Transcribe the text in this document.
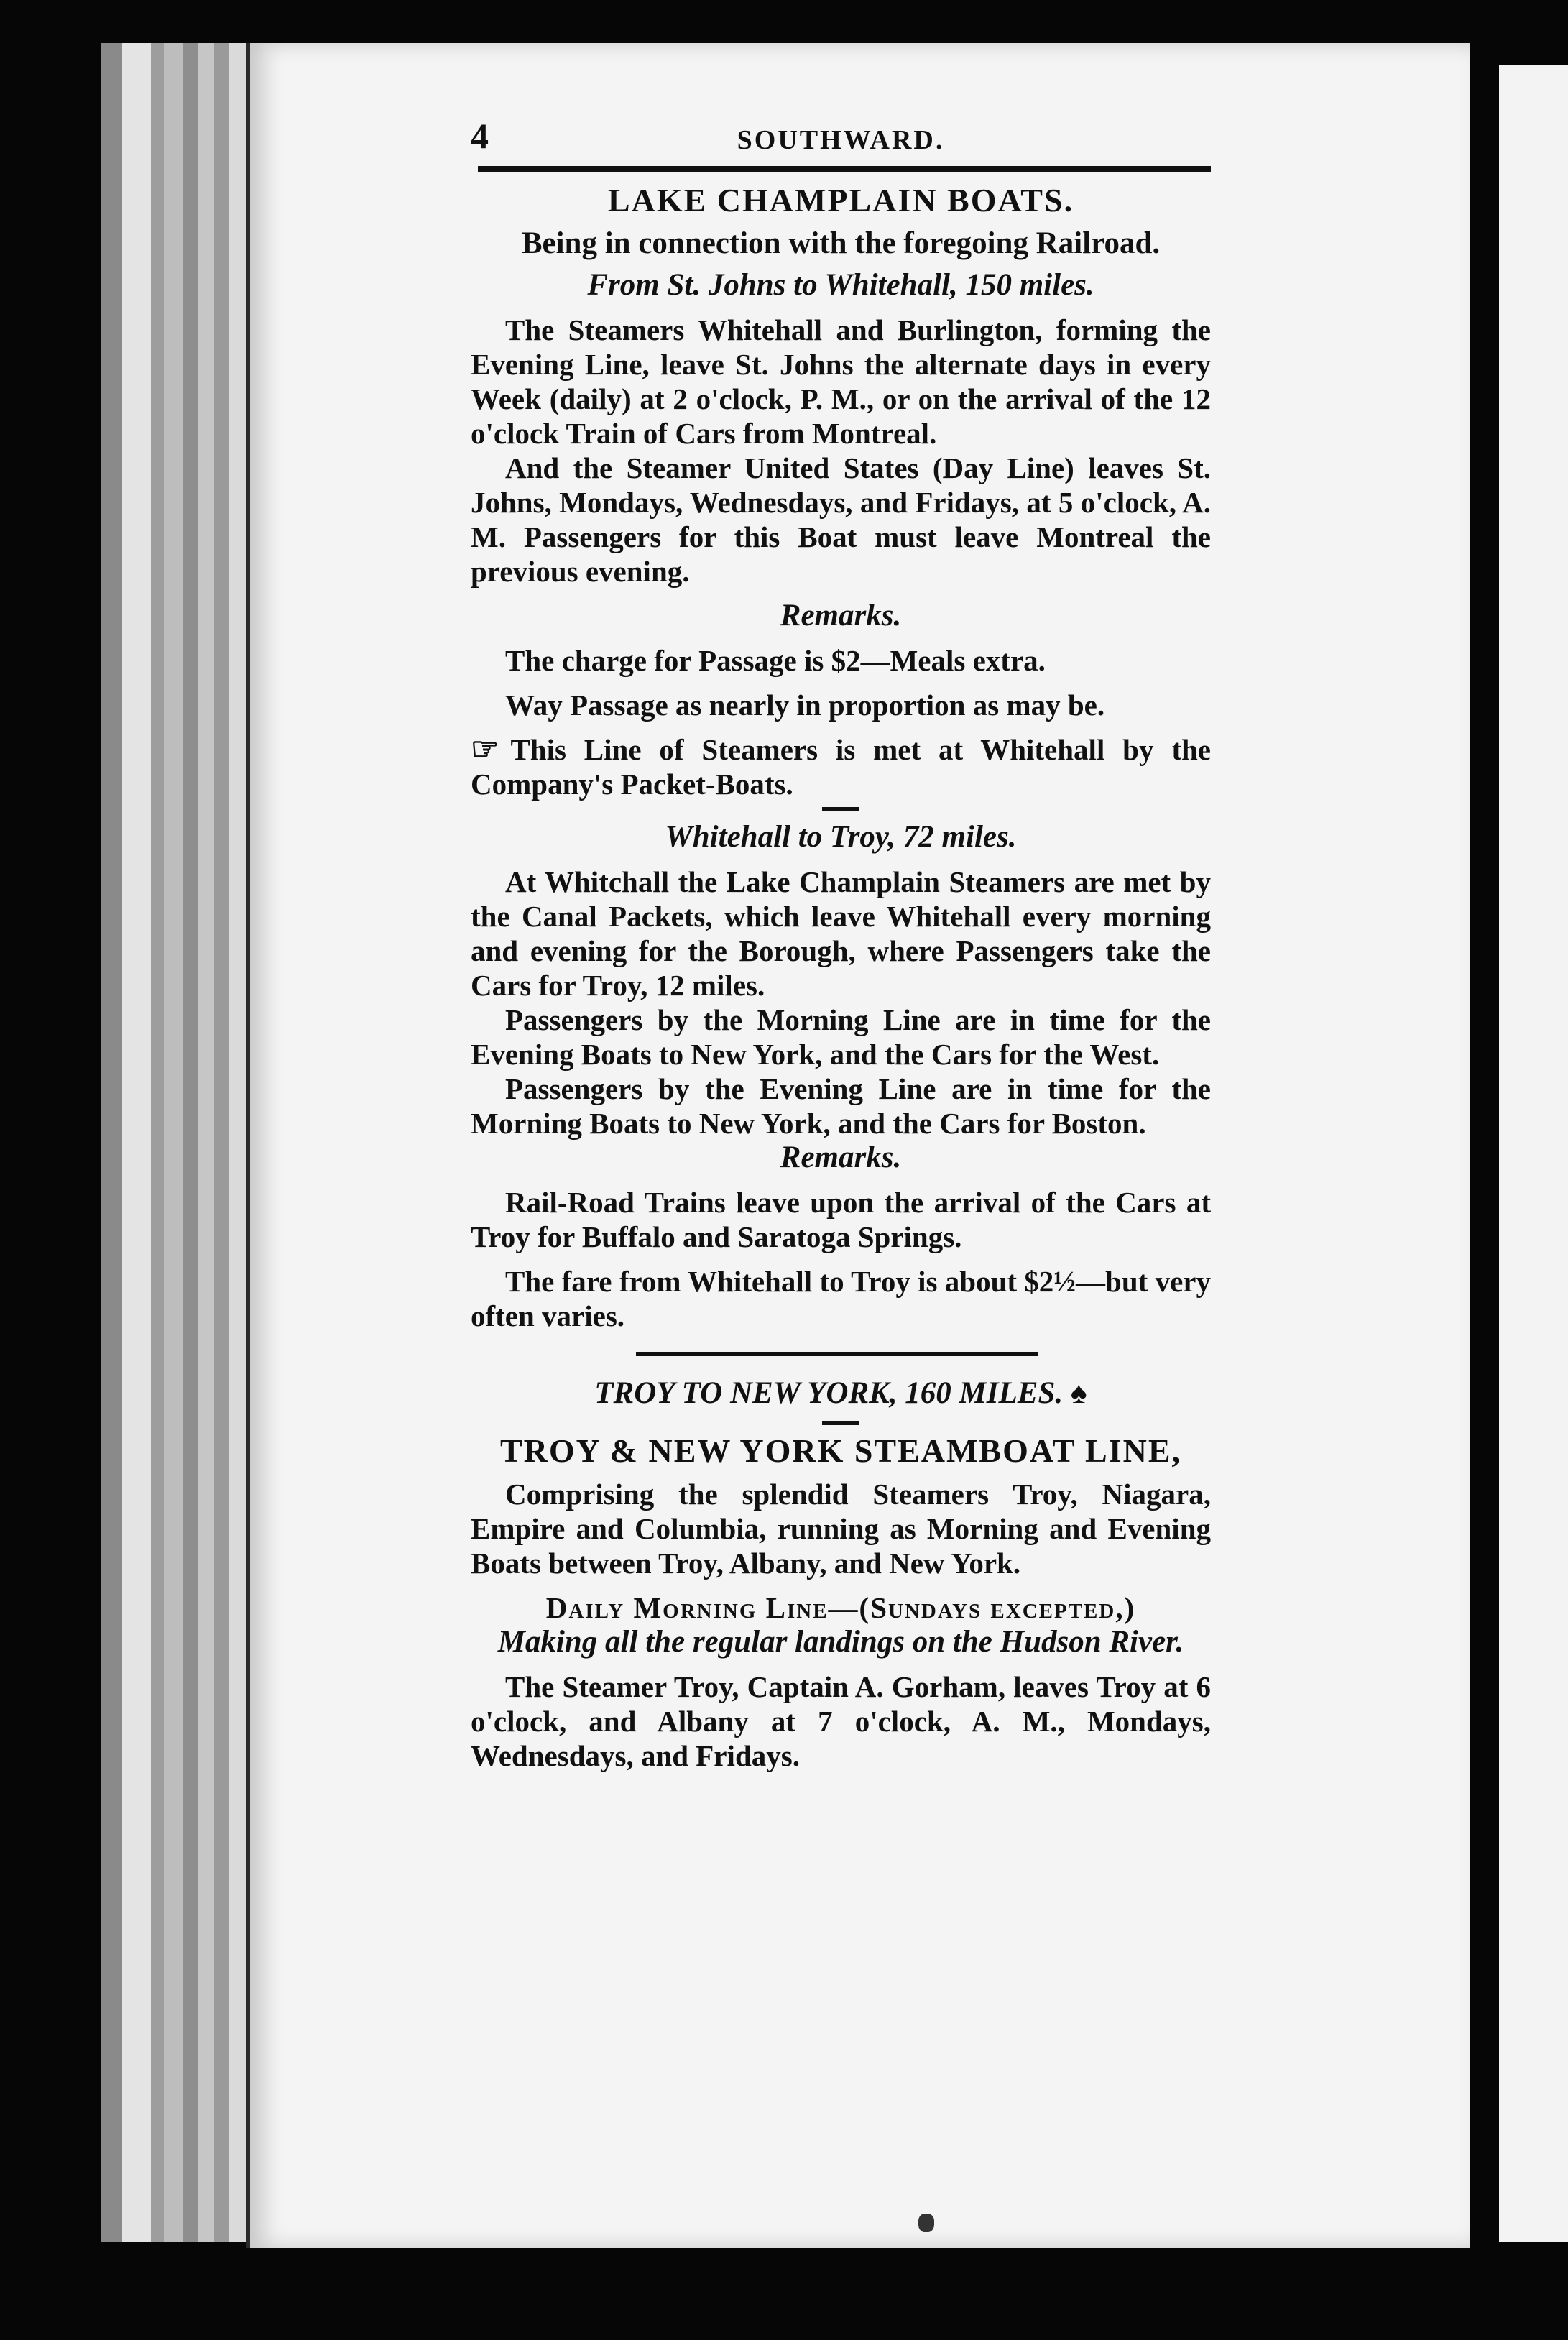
4	SOUTHWARD.
LAKE CHAMPLAIN BOATS.

Being in connection with the foregoing Railroad.

From St. Johns to Whitehall, 150 miles.

The Steamers Whitehall and Burlington, forming the Evening Line, leave St. Johns the alternate days in every Week (daily) at 2 o'clock, P. M., or on the arrival of the 12 o'clock Train of Cars from Montreal.

And the Steamer United States (Day Line) leaves St. Johns, Mondays, Wednesdays, and Fridays, at 5 o'clock, A. M. Passengers for this Boat must leave Montreal the previous evening.

Remarks.

The charge for Passage is $2—Meals extra.

Way Passage as nearly in proportion as may be.

☞ This Line of Steamers is met at Whitehall by the Company's Packet-Boats.

Whitehall to Troy, 72 miles.

At Whitchall the Lake Champlain Steamers are met by the Canal Packets, which leave Whitehall every morning and evening for the Borough, where Passengers take the Cars for Troy, 12 miles.

Passengers by the Morning Line are in time for the Evening Boats to New York, and the Cars for the West.

Passengers by the Evening Line are in time for the Morning Boats to New York, and the Cars for Boston.

Remarks.

Rail-Road Trains leave upon the arrival of the Cars at Troy for Buffalo and Saratoga Springs.

The fare from Whitehall to Troy is about $2½—but very often varies.

TROY TO NEW YORK, 160 MILES. ♠

TROY & NEW YORK STEAMBOAT LINE,

Comprising the splendid Steamers Troy, Niagara, Empire and Columbia, running as Morning and Evening Boats between Troy, Albany, and New York.

Daily Morning Line—(Sundays excepted,)

Making all the regular landings on the Hudson River.

The Steamer Troy, Captain A. Gorham, leaves Troy at 6 o'clock, and Albany at 7 o'clock, A. M., Mondays, Wednesdays, and Fridays.
